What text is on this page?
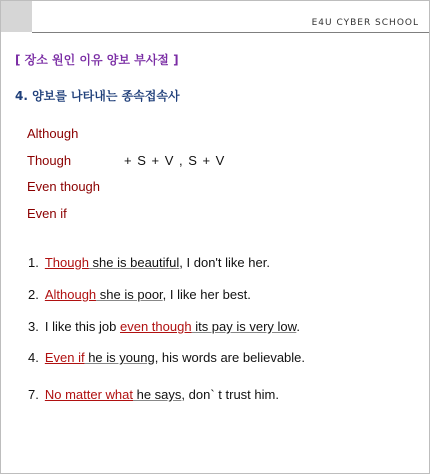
E4U CYBER SCHOOL
[ 장소 원인 이유 양보 부사절 ]
4. 양보를 나타내는 종속접속사
Although
Though
Even though
Even if
+ S + V , S + V
1. Though she is beautiful, I don't like her.
2. Although she is poor, I like her best.
3. I like this job even though its pay is very low.
4. Even if he is young, his words are believable.
7. No matter what he says, don` t trust him.
